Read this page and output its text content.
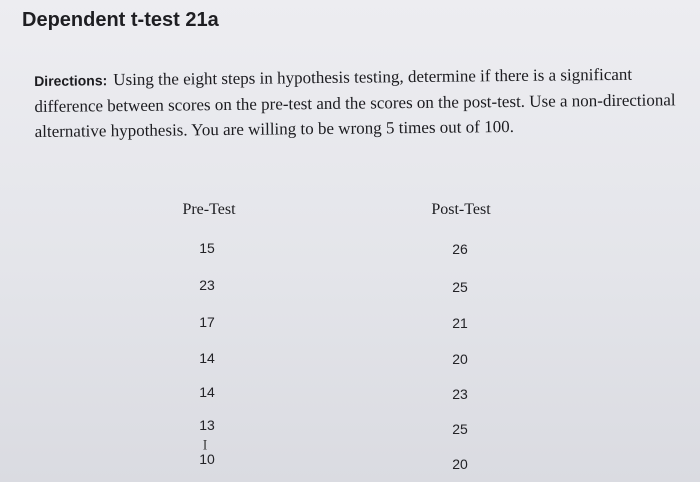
Dependent t-test 21a
Directions: Using the eight steps in hypothesis testing, determine if there is a significant difference between scores on the pre-test and the scores on the post-test. Use a non-directional alternative hypothesis. You are willing to be wrong 5 times out of 100.
Pre-Test	Post-Test
15
23
17
14
14
13
10
26
25
21
20
23
25
20
I
